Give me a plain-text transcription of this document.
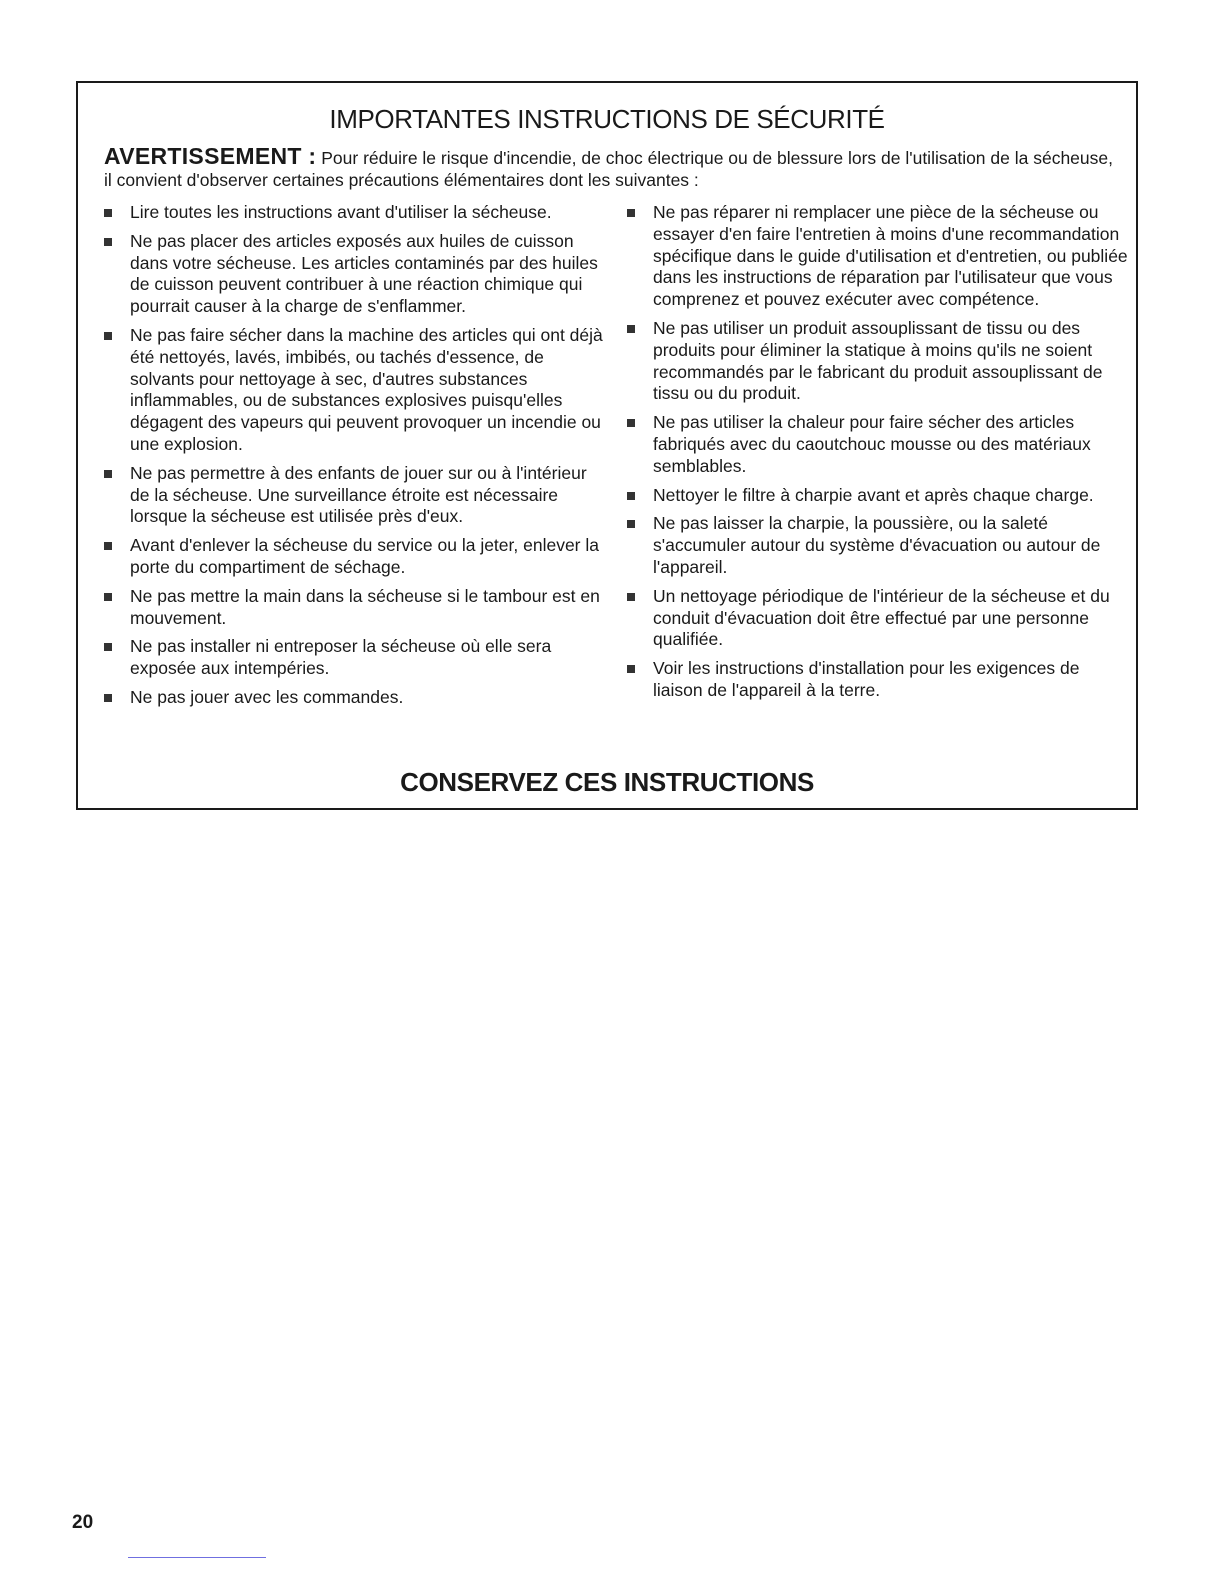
IMPORTANTES INSTRUCTIONS DE SÉCURITÉ

AVERTISSEMENT : Pour réduire le risque d'incendie, de choc électrique ou de blessure lors de l'utilisation de la sécheuse, il convient d'observer certaines précautions élémentaires dont les suivantes :

Lire toutes les instructions avant d'utiliser la sécheuse.
Ne pas placer des articles exposés aux huiles de cuisson dans votre sécheuse. Les articles contaminés par des huiles de cuisson peuvent contribuer à une réaction chimique qui pourrait causer à la charge de s'enflammer.
Ne pas faire sécher dans la machine des articles qui ont déjà été nettoyés, lavés, imbibés, ou tachés d'essence, de solvants pour nettoyage à sec, d'autres substances inflammables, ou de substances explosives puisqu'elles dégagent des vapeurs qui peuvent provoquer un incendie ou une explosion.
Ne pas permettre à des enfants de jouer sur ou à l'intérieur de la sécheuse. Une surveillance étroite est nécessaire lorsque la sécheuse est utilisée près d'eux.
Avant d'enlever la sécheuse du service ou la jeter, enlever la porte du compartiment de séchage.
Ne pas mettre la main dans la sécheuse si le tambour est en mouvement.
Ne pas installer ni entreposer la sécheuse où elle sera exposée aux intempéries.
Ne pas jouer avec les commandes.
Ne pas réparer ni remplacer une pièce de la sécheuse ou essayer d'en faire l'entretien à moins d'une recommandation spécifique dans le guide d'utilisation et d'entretien, ou publiée dans les instructions de réparation par l'utilisateur que vous comprenez et pouvez exécuter avec compétence.
Ne pas utiliser un produit assouplissant de tissu ou des produits pour éliminer la statique à moins qu'ils ne soient recommandés par le fabricant du produit assouplissant de tissu ou du produit.
Ne pas utiliser la chaleur pour faire sécher des articles fabriqués avec du caoutchouc mousse ou des matériaux semblables.
Nettoyer le filtre à charpie avant et après chaque charge.
Ne pas laisser la charpie, la poussière, ou la saleté s'accumuler autour du système d'évacuation ou autour de l'appareil.
Un nettoyage périodique de l'intérieur de la sécheuse et du conduit d'évacuation doit être effectué par une personne qualifiée.
Voir les instructions d'installation pour les exigences de liaison de l'appareil à la terre.
CONSERVEZ CES INSTRUCTIONS
20
